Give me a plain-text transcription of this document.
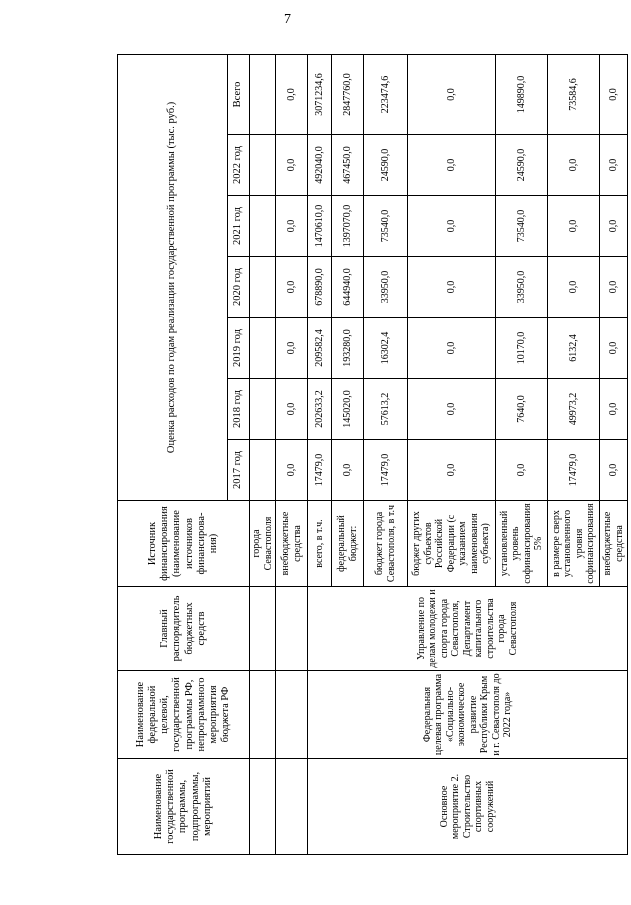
7
Наименование государственной программы, подпрограммы, мероприятий	Наименование федеральной целевой, государственной программы РФ, непрограммного мероприятия бюджета РФ	Главный распорядитель бюджетных средств	Источник финансирования (наименование источников финансирова-ния)	Оценка расходов по годам реализации государственной программы (тыс. руб.)						
				2017 год	2018 год	2019 год	2020 год	2021 год	2022 год	Всего
			города Севастополя							
			внебюджетные средства	0,0	0,0	0,0	0,0	0,0	0,0	0,0
Основное мероприятие 2. Строительство спортивных сооружений	Федеральная целевая программа «Социально-экономическое развитие Республики Крым и г. Севастополя до 2022 года»	Управление по делам молодежи и спорта города Севастополя, Департамент капитального строительства города Севастополя	всего, в т.ч.	17479,0	202633,2	209582,4	678890,0	1470610,0	492040,0	3071234,6
			федеральный бюджет:	0,0	145020,0	193280,0	644940,0	1397070,0	467450,0	2847760,0
			бюджет города Севастополя, в т.ч	17479,0	57613,2	16302,4	33950,0	73540,0	24590,0	223474,6
			бюджет других субъектов Российской Федерации (с указанием наименования субъекта)	0,0	0,0	0,0	0,0	0,0	0,0	0,0
			установленный уровень софинансирования 5%	0,0	7640,0	10170,0	33950,0	73540,0	24590,0	149890,0
			в размере сверх установленного уровня софинансирования	17479,0	49973,2	6132,4	0,0	0,0	0,0	73584,6
			внебюджетные средства	0,0	0,0	0,0	0,0	0,0	0,0	0,0
